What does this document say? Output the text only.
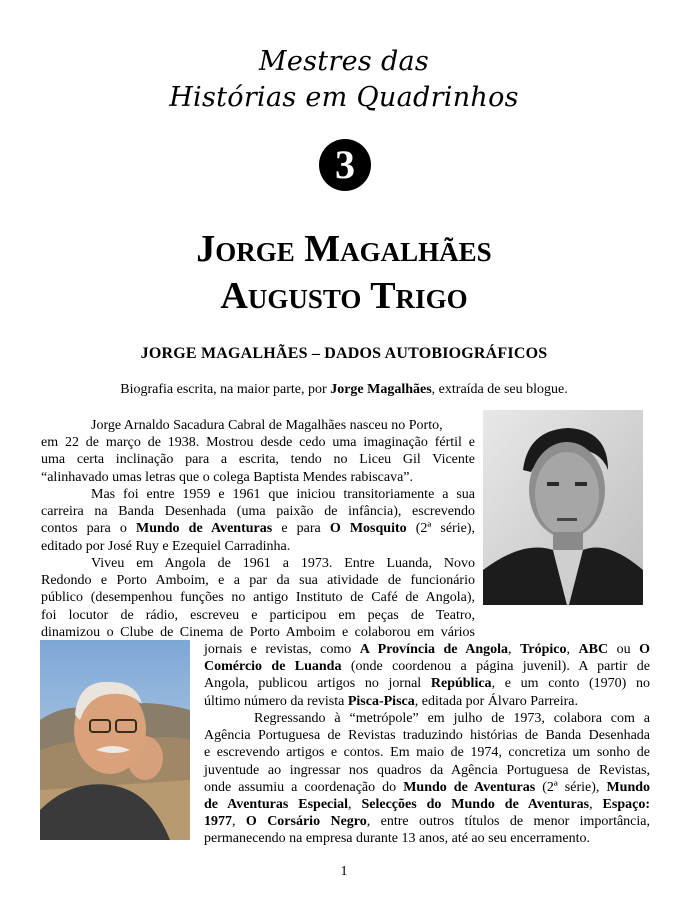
Mestres das
Histórias em Quadrinhos
3
Jorge Magalhães
Augusto Trigo
JORGE MAGALHÃES – DADOS AUTOBIOGRÁFICOS
Biografia escrita, na maior parte, por Jorge Magalhães, extraída de seu blogue.
Jorge Arnaldo Sacadura Cabral de Magalhães nasceu no Porto,
em 22 de março de 1938. Mostrou desde cedo uma imaginação fértil e
uma certa inclinação para a escrita, tendo no Liceu Gil Vicente
“alinhavado umas letras que o colega Baptista Mendes rabiscava”.
Mas foi entre 1959 e 1961 que iniciou transitoriamente a sua
carreira na Banda Desenhada (uma paixão de infância), escrevendo
contos para o Mundo de Aventuras e para O Mosquito (2ª série),
editado por José Ruy e Ezequiel Carradinha.
Viveu em Angola de 1961 a 1973. Entre Luanda, Novo
Redondo e Porto Amboim, e a par da sua atividade de funcionário
público (desempenhou funções no antigo Instituto de Café de Angola),
foi locutor de rádio, escreveu e participou em peças de Teatro,
dinamizou o Clube de Cinema de Porto Amboim e colaborou em vários
jornais e revistas, como A Província de Angola, Trópico, ABC ou O
Comércio de Luanda (onde coordenou a página juvenil). A partir de
Angola, publicou artigos no jornal República, e um conto (1970) no
último número da revista Pisca-Pisca, editada por Álvaro Parreira.
Regressando à “metrópole” em julho de 1973, colabora com a
Agência Portuguesa de Revistas traduzindo histórias de Banda Desenhada
e escrevendo artigos e contos. Em maio de 1974, concretiza um sonho de
juventude ao ingressar nos quadros da Agência Portuguesa de Revistas,
onde assumiu a coordenação do Mundo de Aventuras (2ª série), Mundo
de Aventuras Especial, Selecções do Mundo de Aventuras, Espaço:
1977, O Corsário Negro, entre outros títulos de menor importância,
permanecendo na empresa durante 13 anos, até ao seu encerramento.
1
